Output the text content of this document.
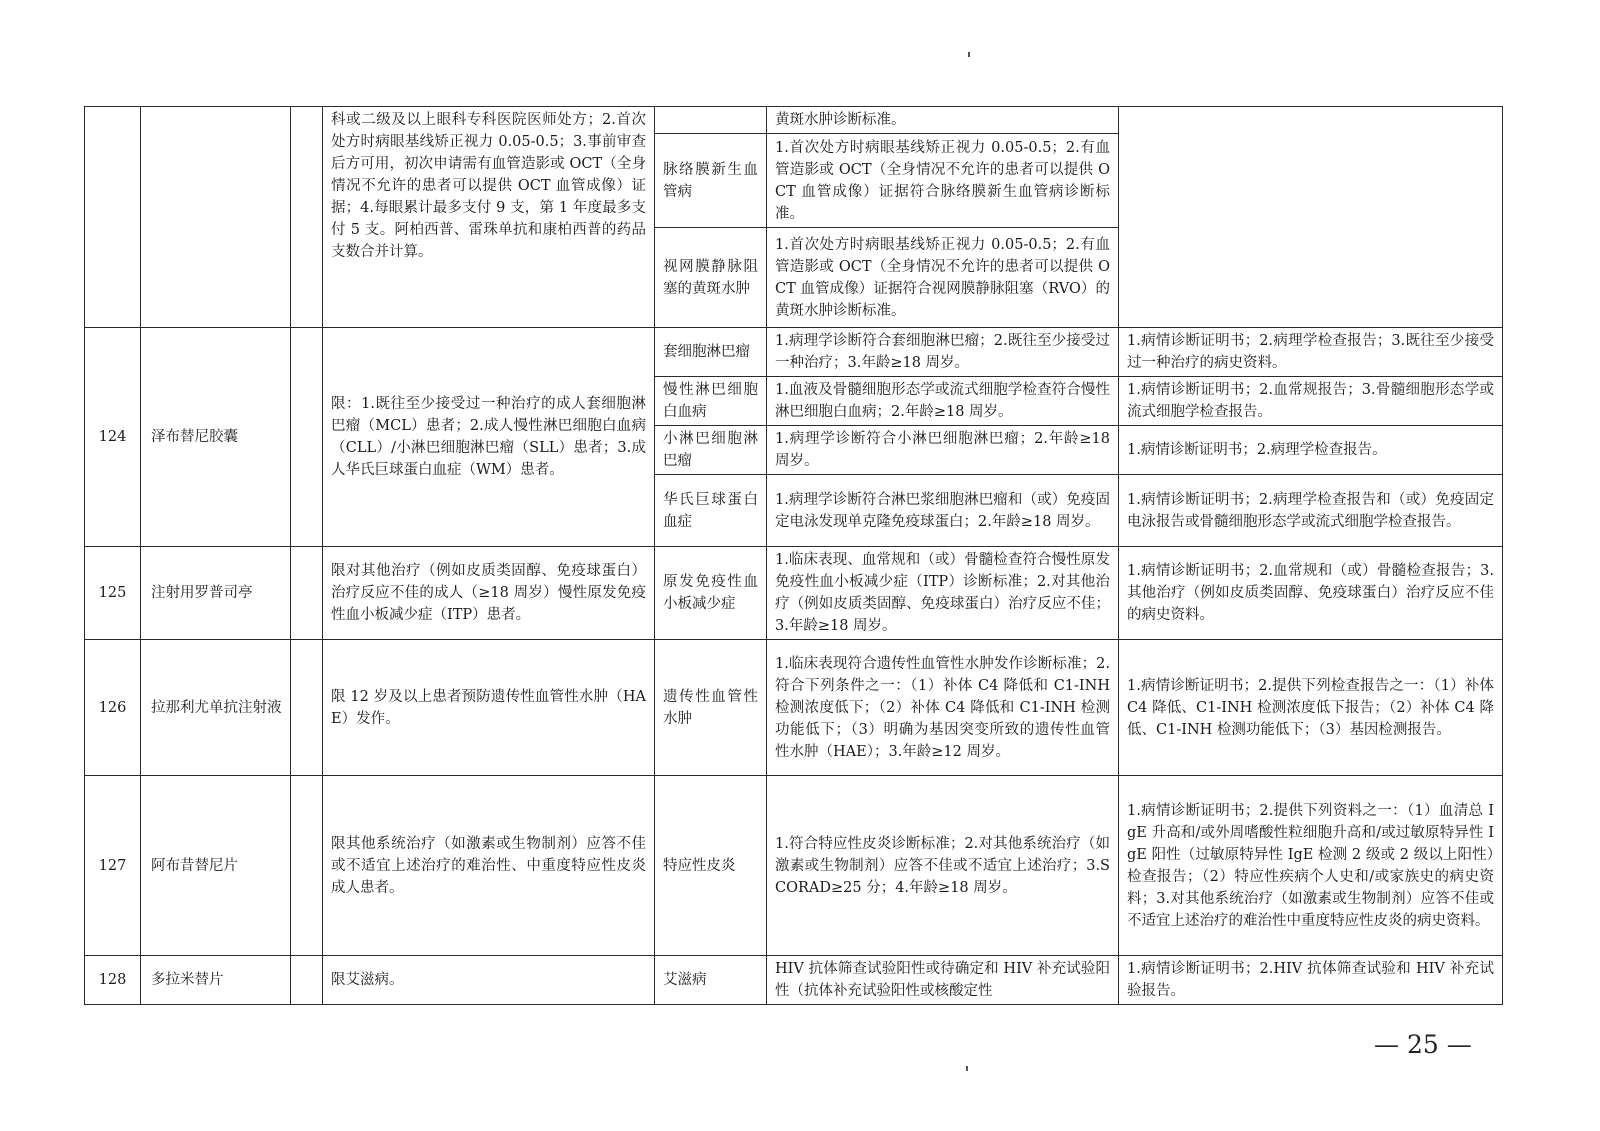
			科或二级及以上眼科专科医院医师处方；2.首次处方时病眼基线矫正视力 0.05-0.5；3.事前审查后方可用，初次申请需有血管造影或 OCT（全身情况不允许的患者可以提供 OCT 血管成像）证据；4.每眼累计最多支付 9 支，第 1 年度最多支付 5 支。阿柏西普、雷珠单抗和康柏西普的药品支数合并计算。		黄斑水肿诊断标准。	
				脉络膜新生血管病	1.首次处方时病眼基线矫正视力 0.05-0.5；2.有血管造影或 OCT（全身情况不允许的患者可以提供 OCT 血管成像）证据符合脉络膜新生血管病诊断标准。	
				视网膜静脉阻塞的黄斑水肿	1.首次处方时病眼基线矫正视力 0.05-0.5；2.有血管造影或 OCT（全身情况不允许的患者可以提供 OCT 血管成像）证据符合视网膜静脉阻塞（RVO）的黄斑水肿诊断标准。	
124	泽布替尼胶囊		限：1.既往至少接受过一种治疗的成人套细胞淋巴瘤（MCL）患者；2.成人慢性淋巴细胞白血病（CLL）/小淋巴细胞淋巴瘤（SLL）患者；3.成人华氏巨球蛋白血症（WM）患者。	套细胞淋巴瘤	1.病理学诊断符合套细胞淋巴瘤；2.既往至少接受过一种治疗；3.年龄≥18 周岁。	1.病情诊断证明书；2.病理学检查报告；3.既往至少接受过一种治疗的病史资料。
				慢性淋巴细胞白血病	1.血液及骨髓细胞形态学或流式细胞学检查符合慢性淋巴细胞白血病；2.年龄≥18 周岁。	1.病情诊断证明书；2.血常规报告；3.骨髓细胞形态学或流式细胞学检查报告。
				小淋巴细胞淋巴瘤	1.病理学诊断符合小淋巴细胞淋巴瘤；2.年龄≥18 周岁。	1.病情诊断证明书；2.病理学检查报告。
				华氏巨球蛋白血症	1.病理学诊断符合淋巴浆细胞淋巴瘤和（或）免疫固定电泳发现单克隆免疫球蛋白；2.年龄≥18 周岁。	1.病情诊断证明书；2.病理学检查报告和（或）免疫固定电泳报告或骨髓细胞形态学或流式细胞学检查报告。
125	注射用罗普司亭		限对其他治疗（例如皮质类固醇、免疫球蛋白）治疗反应不佳的成人（≥18 周岁）慢性原发免疫性血小板减少症（ITP）患者。	原发免疫性血小板减少症	1.临床表现、血常规和（或）骨髓检查符合慢性原发免疫性血小板减少症（ITP）诊断标准；2.对其他治疗（例如皮质类固醇、免疫球蛋白）治疗反应不佳；3.年龄≥18 周岁。	1.病情诊断证明书；2.血常规和（或）骨髓检查报告；3.其他治疗（例如皮质类固醇、免疫球蛋白）治疗反应不佳的病史资料。
126	拉那利尤单抗注射液		限 12 岁及以上患者预防遗传性血管性水肿（HAE）发作。	遗传性血管性水肿	1.临床表现符合遗传性血管性水肿发作诊断标准；2.符合下列条件之一：（1）补体 C4 降低和 C1-INH 检测浓度低下；（2）补体 C4 降低和 C1-INH 检测功能低下；（3）明确为基因突变所致的遗传性血管性水肿（HAE）；3.年龄≥12 周岁。	1.病情诊断证明书；2.提供下列检查报告之一：（1）补体 C4 降低、C1-INH 检测浓度低下报告；（2）补体 C4 降低、C1-INH 检测功能低下；（3）基因检测报告。
127	阿布昔替尼片		限其他系统治疗（如激素或生物制剂）应答不佳或不适宜上述治疗的难治性、中重度特应性皮炎成人患者。	特应性皮炎	1.符合特应性皮炎诊断标准；2.对其他系统治疗（如激素或生物制剂）应答不佳或不适宜上述治疗；3.SCORAD≥25 分；4.年龄≥18 周岁。	1.病情诊断证明书；2.提供下列资料之一：（1）血清总 IgE 升高和/或外周嗜酸性粒细胞升高和/或过敏原特异性 IgE 阳性（过敏原特异性 IgE 检测 2 级或 2 级以上阳性）检查报告；（2）特应性疾病个人史和/或家族史的病史资料；3.对其他系统治疗（如激素或生物制剂）应答不佳或不适宜上述治疗的难治性中重度特应性皮炎的病史资料。
128	多拉米替片		限艾滋病。	艾滋病	HIV 抗体筛查试验阳性或待确定和 HIV 补充试验阳性（抗体补充试验阳性或核酸定性	1.病情诊断证明书；2.HIV 抗体筛查试验和 HIV 补充试验报告。
— 25 —
